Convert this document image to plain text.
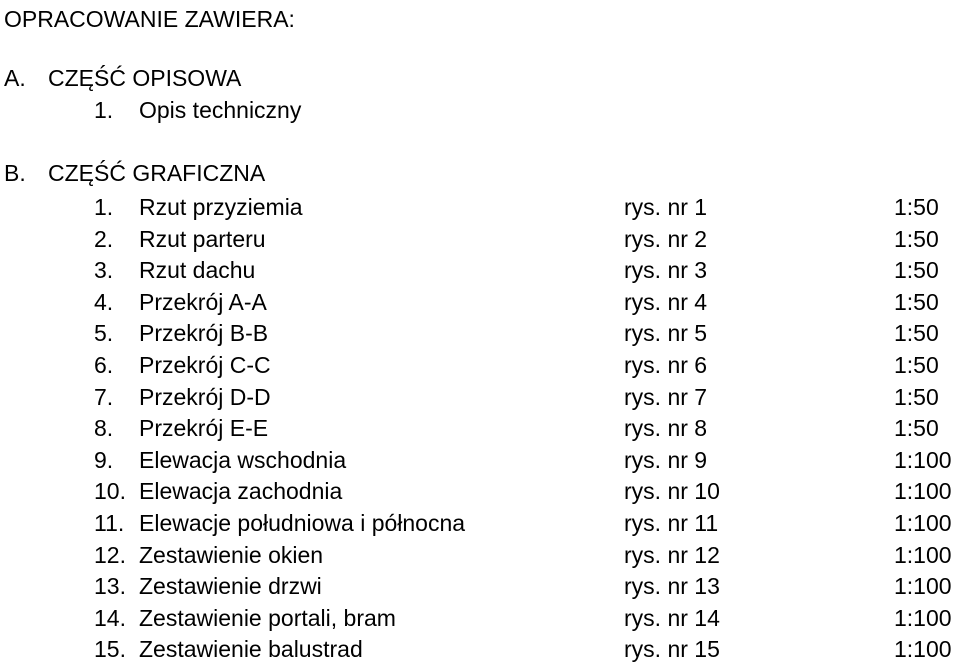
OPRACOWANIE ZAWIERA:
A. CZĘŚĆ OPISOWA
1. Opis techniczny
B. CZĘŚĆ GRAFICZNA
1. Rzut przyziemia	rys. nr 1	1:50
2. Rzut parteru	rys. nr 2	1:50
3. Rzut dachu	rys. nr 3	1:50
4. Przekrój A-A	rys. nr 4	1:50
5. Przekrój B-B	rys. nr 5	1:50
6. Przekrój C-C	rys. nr 6	1:50
7. Przekrój D-D	rys. nr 7	1:50
8. Przekrój E-E	rys. nr 8	1:50
9. Elewacja wschodnia	rys. nr 9	1:100
10. Elewacja zachodnia	rys. nr 10	1:100
11. Elewacje południowa i północna	rys. nr 11	1:100
12. Zestawienie okien	rys. nr 12	1:100
13. Zestawienie drzwi	rys. nr 13	1:100
14. Zestawienie portali, bram	rys. nr 14	1:100
15. Zestawienie balustrad	rys. nr 15	1:100
